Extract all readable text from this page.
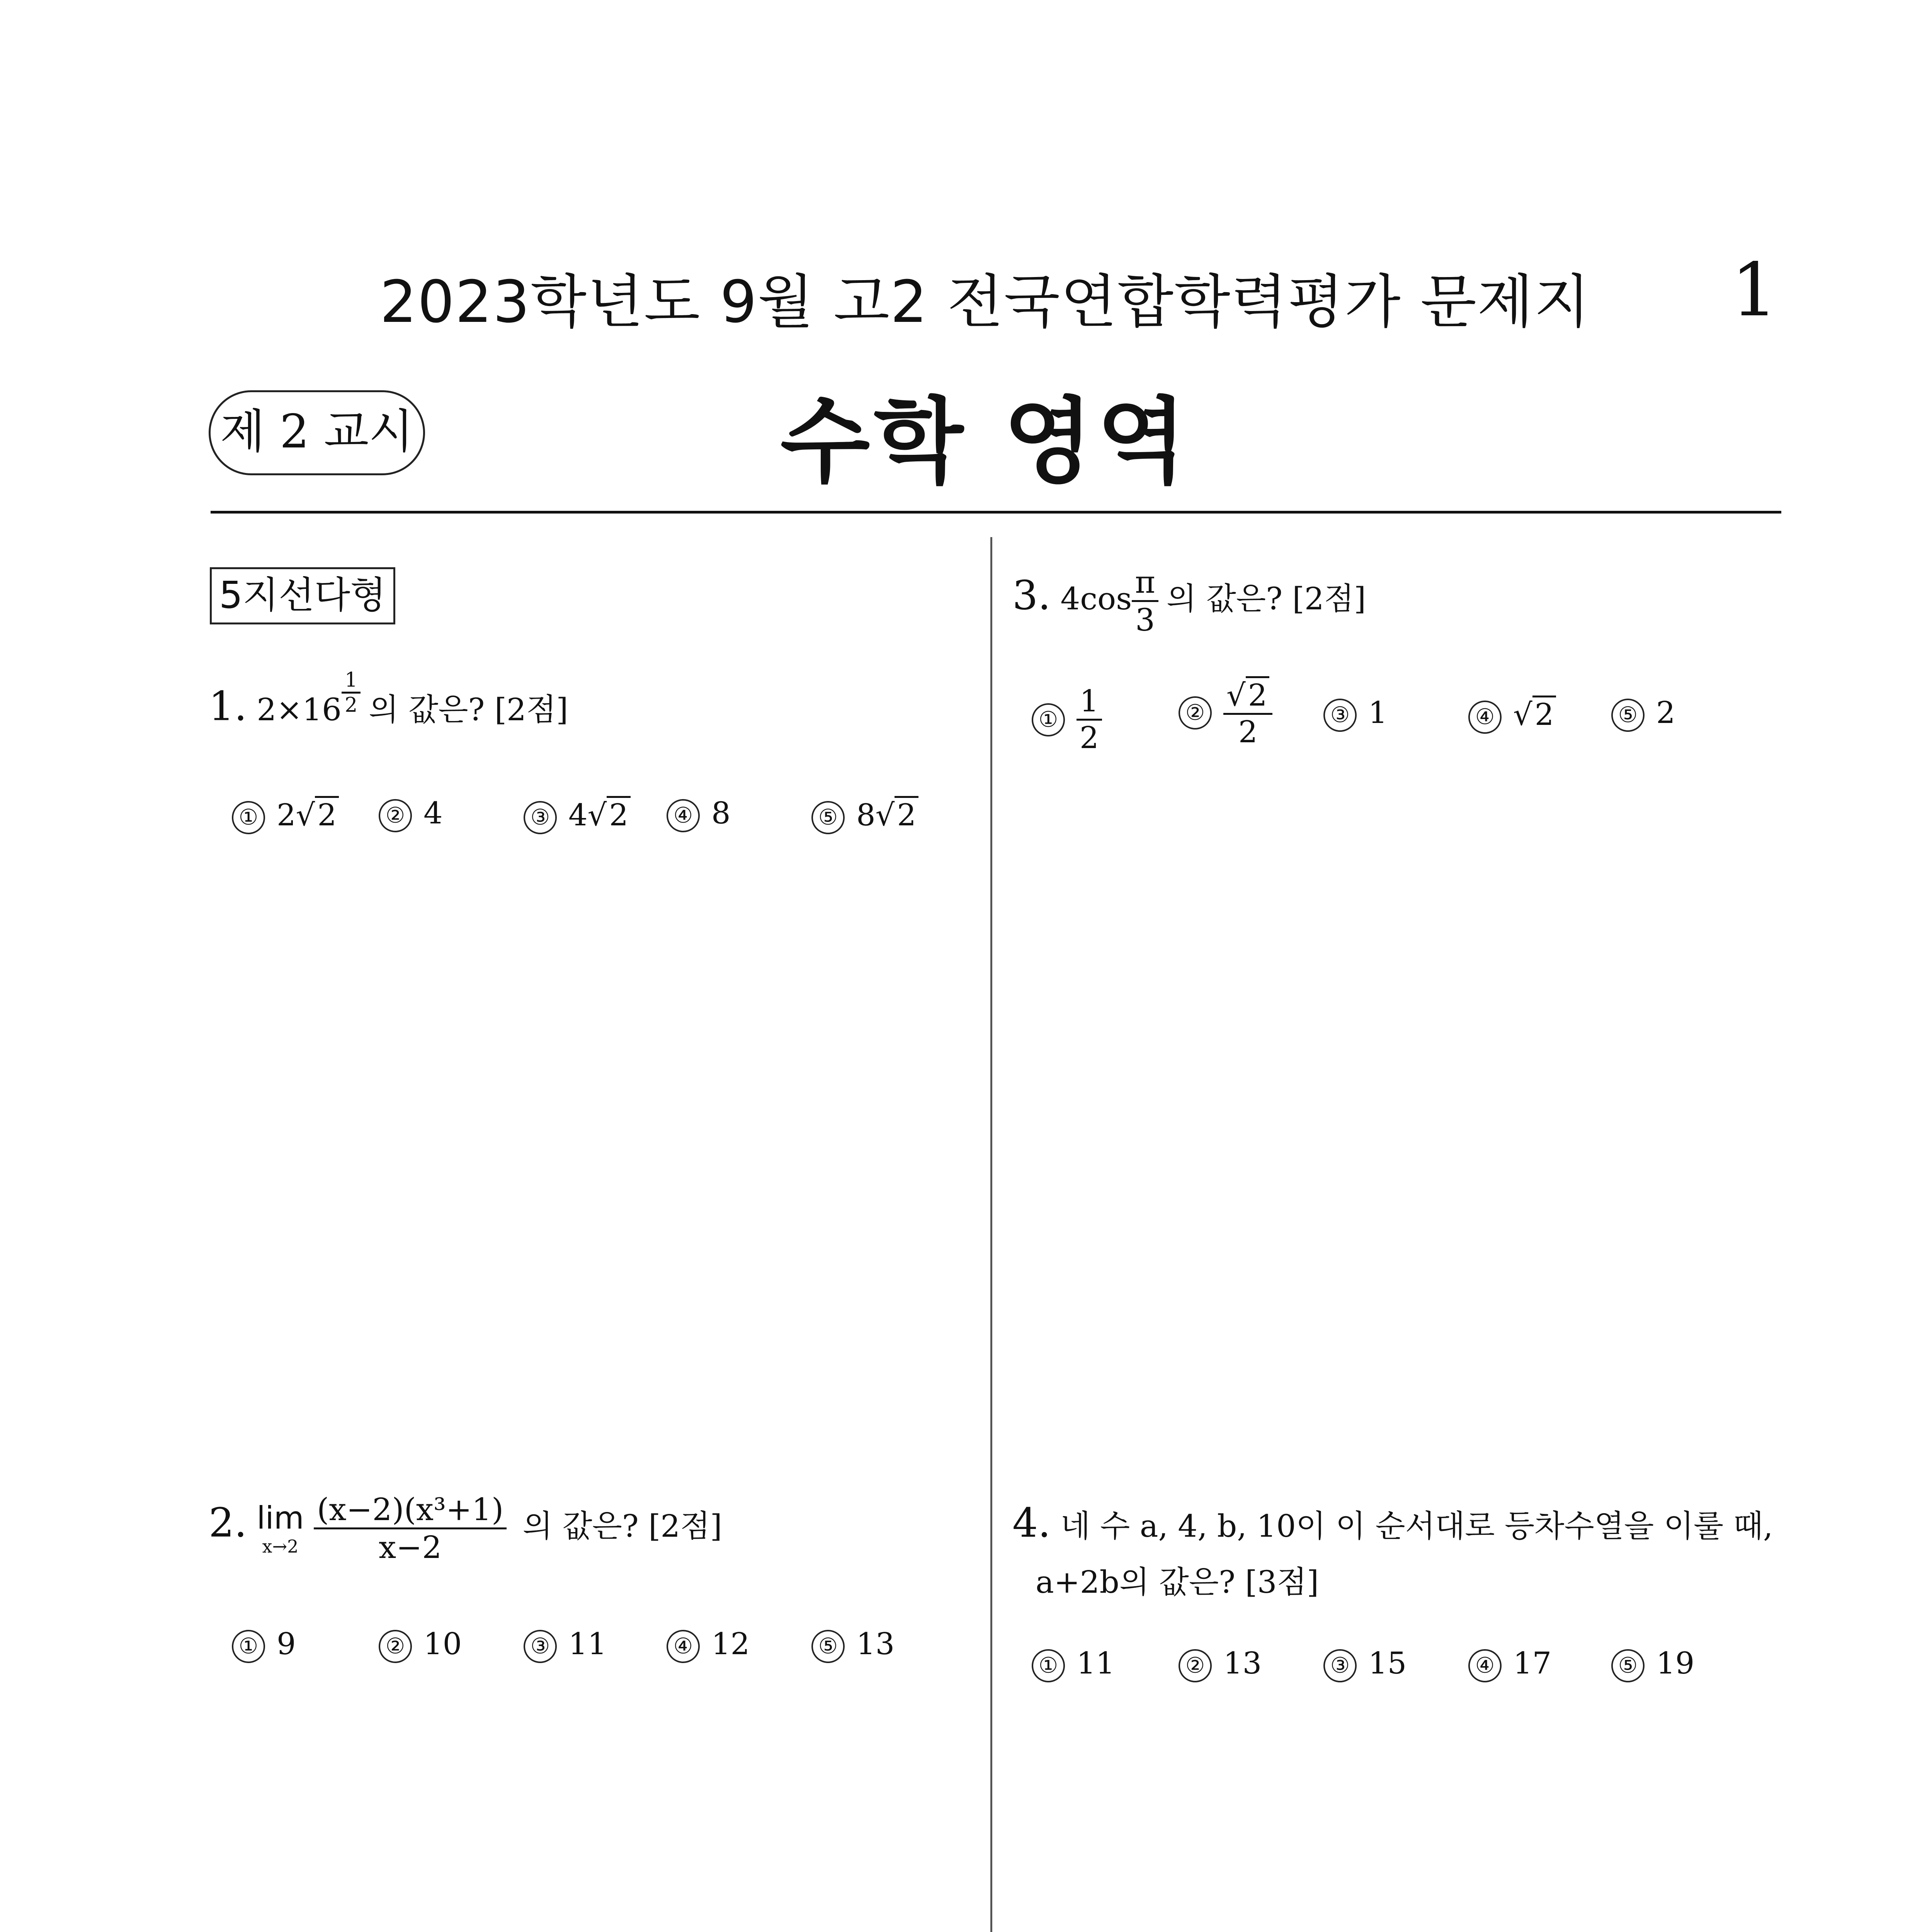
2023학년도 9월 고2 전국연합학력평가 문제지	1
제 2 교시	수학 영역
5지선다형
1. 2×16 $^{\frac{1}{2}}$ 의 값은? [2점]
① 2√2	② 4	③ 4√2	④ 8	⑤ 8√2
2. lim
x→2
$\frac{\text{(x−2)(x³+1)}}{x-2}$ 의 값은? [2점]
① 9	② 10	③ 11	④ 12	⑤ 13
3. $4\cos \frac{\pi}{3}$ 의 값은? [2점]
① $\frac{1}{2}$	② $\frac{√2}{2}$	③ 1	④ √2	⑤ 2
4. 네 수 a, 4, b, 10이 이 순서대로 등차수열을 이룰 때,
a+2b의 값은? [3점]
① 11	② 13	③ 15	④ 17	⑤ 19
